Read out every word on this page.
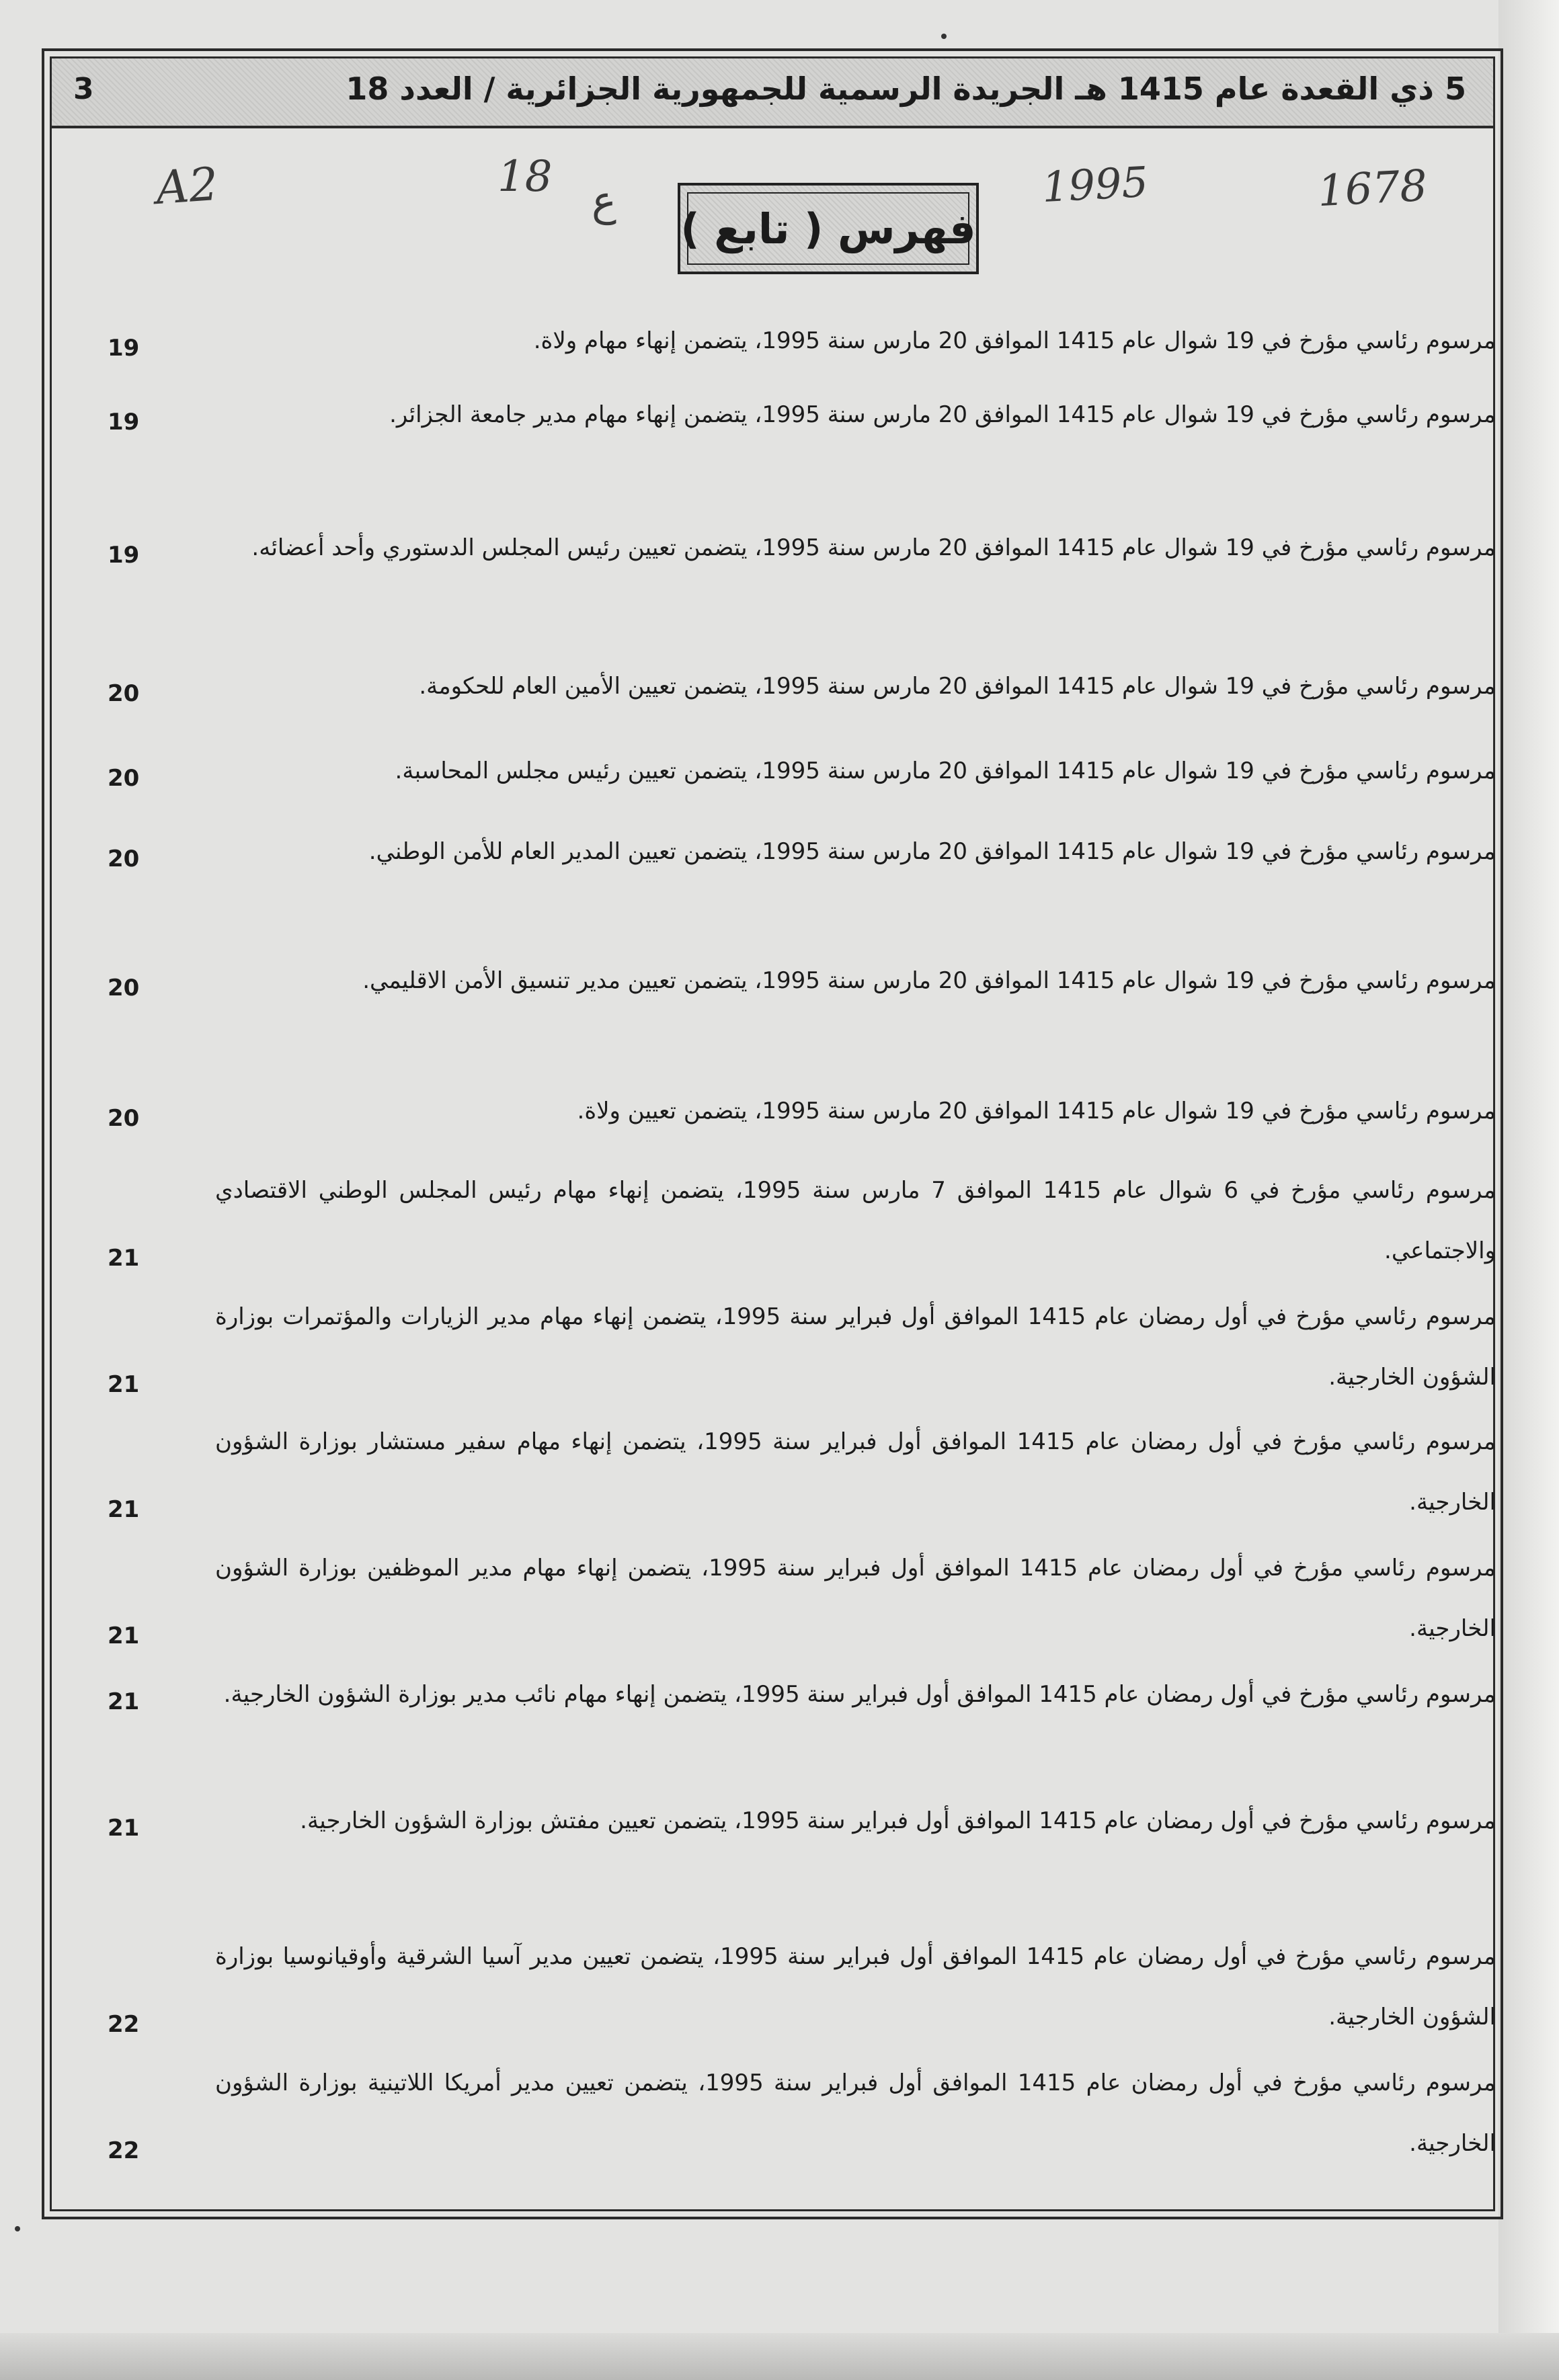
5 ذي القعدة عام 1415 هـ الجريدة الرسمية للجمهورية الجزائرية / العدد 18
3
A2	18 ع	1995	1678
فهرس ( تابع )
مرسوم رئاسي مؤرخ في 19 شوال عام 1415 الموافق 20 مارس سنة 1995، يتضمن إنهاء مهام ولاة.
19
مرسوم رئاسي مؤرخ في 19 شوال عام 1415 الموافق 20 مارس سنة 1995، يتضمن إنهاء مهام مدير جامعة الجزائر.
19
مرسوم رئاسي مؤرخ في 19 شوال عام 1415 الموافق 20 مارس سنة 1995، يتضمن تعيين رئيس المجلس الدستوري وأحد أعضائه.
19
مرسوم رئاسي مؤرخ في 19 شوال عام 1415 الموافق 20 مارس سنة 1995، يتضمن تعيين الأمين العام للحكومة.
20
مرسوم رئاسي مؤرخ في 19 شوال عام 1415 الموافق 20 مارس سنة 1995، يتضمن تعيين رئيس مجلس المحاسبة.
20
مرسوم رئاسي مؤرخ في 19 شوال عام 1415 الموافق 20 مارس سنة 1995، يتضمن تعيين المدير العام للأمن الوطني.
20
مرسوم رئاسي مؤرخ في 19 شوال عام 1415 الموافق 20 مارس سنة 1995، يتضمن تعيين مدير تنسيق الأمن الاقليمي.
20
مرسوم رئاسي مؤرخ في 19 شوال عام 1415 الموافق 20 مارس سنة 1995، يتضمن تعيين ولاة.
20
مرسوم رئاسي مؤرخ في 6 شوال عام 1415 الموافق 7 مارس سنة 1995، يتضمن إنهاء مهام رئيس المجلس الوطني الاقتصادي والاجتماعي.
21
مرسوم رئاسي مؤرخ في أول رمضان عام 1415 الموافق أول فبراير سنة 1995، يتضمن إنهاء مهام مدير الزيارات والمؤتمرات بوزارة الشؤون الخارجية.
21
مرسوم رئاسي مؤرخ في أول رمضان عام 1415 الموافق أول فبراير سنة 1995، يتضمن إنهاء مهام سفير مستشار بوزارة الشؤون الخارجية.
21
مرسوم رئاسي مؤرخ في أول رمضان عام 1415 الموافق أول فبراير سنة 1995، يتضمن إنهاء مهام مدير الموظفين بوزارة الشؤون الخارجية.
21
مرسوم رئاسي مؤرخ في أول رمضان عام 1415 الموافق أول فبراير سنة 1995، يتضمن إنهاء مهام نائب مدير بوزارة الشؤون الخارجية.
21
مرسوم رئاسي مؤرخ في أول رمضان عام 1415 الموافق أول فبراير سنة 1995، يتضمن تعيين مفتش بوزارة الشؤون الخارجية.
21
مرسوم رئاسي مؤرخ في أول رمضان عام 1415 الموافق أول فبراير سنة 1995، يتضمن تعيين مدير آسيا الشرقية وأوقيانوسيا بوزارة الشؤون الخارجية.
22
مرسوم رئاسي مؤرخ في أول رمضان عام 1415 الموافق أول فبراير سنة 1995، يتضمن تعيين مدير أمريكا اللاتينية بوزارة الشؤون الخارجية.
22
